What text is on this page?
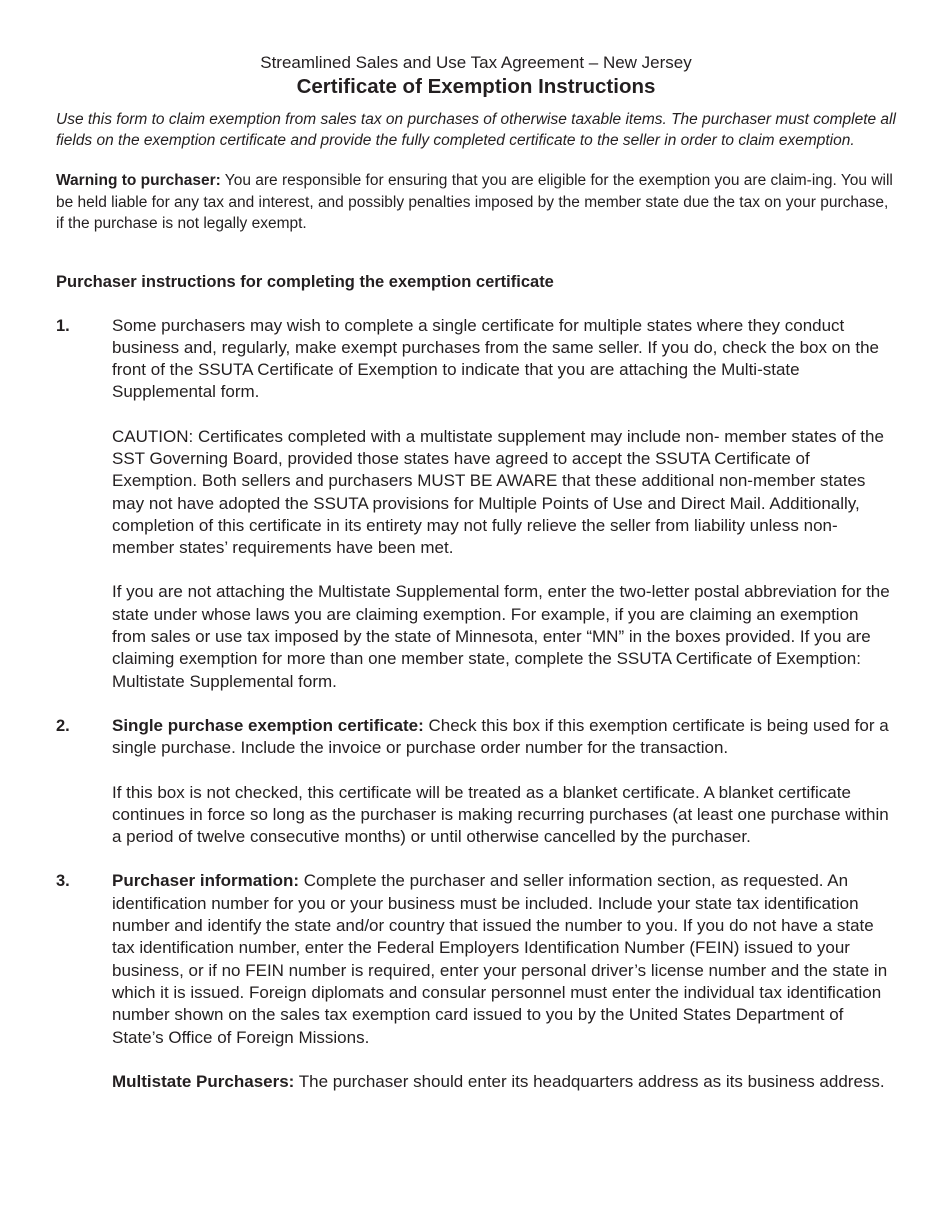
Streamlined Sales and Use Tax Agreement – New Jersey

Certificate of Exemption Instructions

Use this form to claim exemption from sales tax on purchases of otherwise taxable items. The purchaser must complete all fields on the exemption certificate and provide the fully completed certificate to the seller in order to claim exemption.

Warning to purchaser: You are responsible for ensuring that you are eligible for the exemption you are claim-ing. You will be held liable for any tax and interest, and possibly penalties imposed by the member state due the tax on your purchase, if the purchase is not legally exempt.

Purchaser instructions for completing the exemption certificate

1. Some purchasers may wish to complete a single certificate for multiple states where they conduct business and, regularly, make exempt purchases from the same seller. If you do, check the box on the front of the SSUTA Certificate of Exemption to indicate that you are attaching the Multi-state Supplemental form.

CAUTION: Certificates completed with a multistate supplement may include non- member states of the SST Governing Board, provided those states have agreed to accept the SSUTA Certificate of Exemption. Both sellers and purchasers MUST BE AWARE that these additional non-member states may not have adopted the SSUTA provisions for Multiple Points of Use and Direct Mail. Additionally, completion of this certificate in its entirety may not fully relieve the seller from liability unless non-member states’ requirements have been met.

If you are not attaching the Multistate Supplemental form, enter the two-letter postal abbreviation for the state under whose laws you are claiming exemption. For example, if you are claiming an exemption from sales or use tax imposed by the state of Minnesota, enter “MN” in the boxes provided. If you are claiming exemption for more than one member state, complete the SSUTA Certificate of Exemption: Multistate Supplemental form.

2. Single purchase exemption certificate: Check this box if this exemption certificate is being used for a single purchase. Include the invoice or purchase order number for the transaction.

If this box is not checked, this certificate will be treated as a blanket certificate. A blanket certificate continues in force so long as the purchaser is making recurring purchases (at least one purchase within a period of twelve consecutive months) or until otherwise cancelled by the purchaser.

3. Purchaser information: Complete the purchaser and seller information section, as requested. An identification number for you or your business must be included. Include your state tax identification number and identify the state and/or country that issued the number to you. If you do not have a state tax identification number, enter the Federal Employers Identification Number (FEIN) issued to your business, or if no FEIN number is required, enter your personal driver’s license number and the state in which it is issued. Foreign diplomats and consular personnel must enter the individual tax identification number shown on the sales tax exemption card issued to you by the United States Department of State’s Office of Foreign Missions.

Multistate Purchasers: The purchaser should enter its headquarters address as its business address.
